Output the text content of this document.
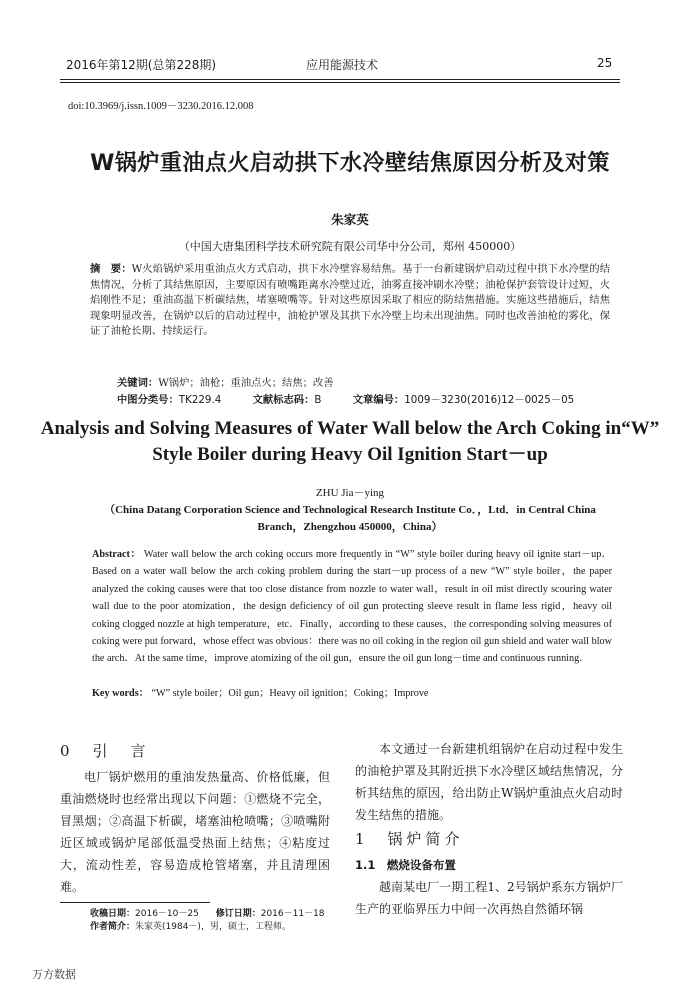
2016年第12期(总第228期)	应用能源技术	25
doi:10.3969/j.issn.1009－3230.2016.12.008
W锅炉重油点火启动拱下水冷壁结焦原因分析及对策
朱家英
（中国大唐集团科学技术研究院有限公司华中分公司，郑州 450000）
摘　要：W火焰锅炉采用重油点火方式启动，拱下水冷壁容易结焦。基于一台新建锅炉启动过程中拱下水冷壁的结焦情况，分析了其结焦原因，主要原因有喷嘴距离水冷壁过近，油雾直接冲刷水冷壁；油枪保护套管设计过短，火焰刚性不足；重油高温下析碳结焦，堵塞喷嘴等。针对这些原因采取了相应的防结焦措施。实施这些措施后，结焦现象明显改善，在锅炉以后的启动过程中，油枪护罩及其拱下水冷壁上均未出现油焦。同时也改善油枪的雾化，保证了油枪长期、持续运行。
关键词：W锅炉；油枪；重油点火；结焦；改善
中图分类号：TK229.4	文献标志码：B	文章编号：1009－3230(2016)12－0025－05
Analysis and Solving Measures of Water Wall below the Arch Coking in“W” Style Boiler during Heavy Oil Ignition Start－up
ZHU Jia－ying
（China Datang Corporation Science and Technological Research Institute Co．，Ltd．in Central China Branch，Zhengzhou 450000，China）
Abstract： Water wall below the arch coking occurs more frequently in “W” style boiler during heavy oil ignite start－up．Based on a water wall below the arch coking problem during the start－up process of a new “W” style boiler，the paper analyzed the coking causes were that too close distance from nozzle to water wall，result in oil mist directly scouring water wall due to the poor atomization，the design deficiency of oil gun protecting sleeve result in flame less rigid，heavy oil coking clogged nozzle at high temperature，etc．Finally，according to these causes，the corresponding solving measures of coking were put forward，whose effect was obvious：there was no oil coking in the region oil gun shield and water wall blow the arch．At the same time，improve atomizing of the oil gun，ensure the oil gun long－time and continuous running．
Key words： “W” style boiler；Oil gun；Heavy oil ignition；Coking；Improve
0　引　言

电厂锅炉燃用的重油发热量高、价格低廉，但重油燃烧时也经常出现以下问题：①燃烧不完全，冒黑烟；②高温下析碳，堵塞油枪喷嘴；③喷嘴附近区域或锅炉尾部低温受热面上结焦；④粘度过大，流动性差，容易造成枪管堵塞，并且清理困难。

本文通过一台新建机组锅炉在启动过程中发生的油枪护罩及其附近拱下水冷壁区域结焦情况，分析其结焦的原因，给出防止W锅炉重油点火启动时发生结焦的措施。

1　锅炉简介
1.1　燃烧设备布置

越南某电厂一期工程1、2号锅炉系东方锅炉厂生产的亚临界压力中间一次再热自然循环锅

收稿日期：2016－10－25 修订日期：2016－11－18
作者简介：朱家英(1984－)，男，硕士，工程师。
万方数据
